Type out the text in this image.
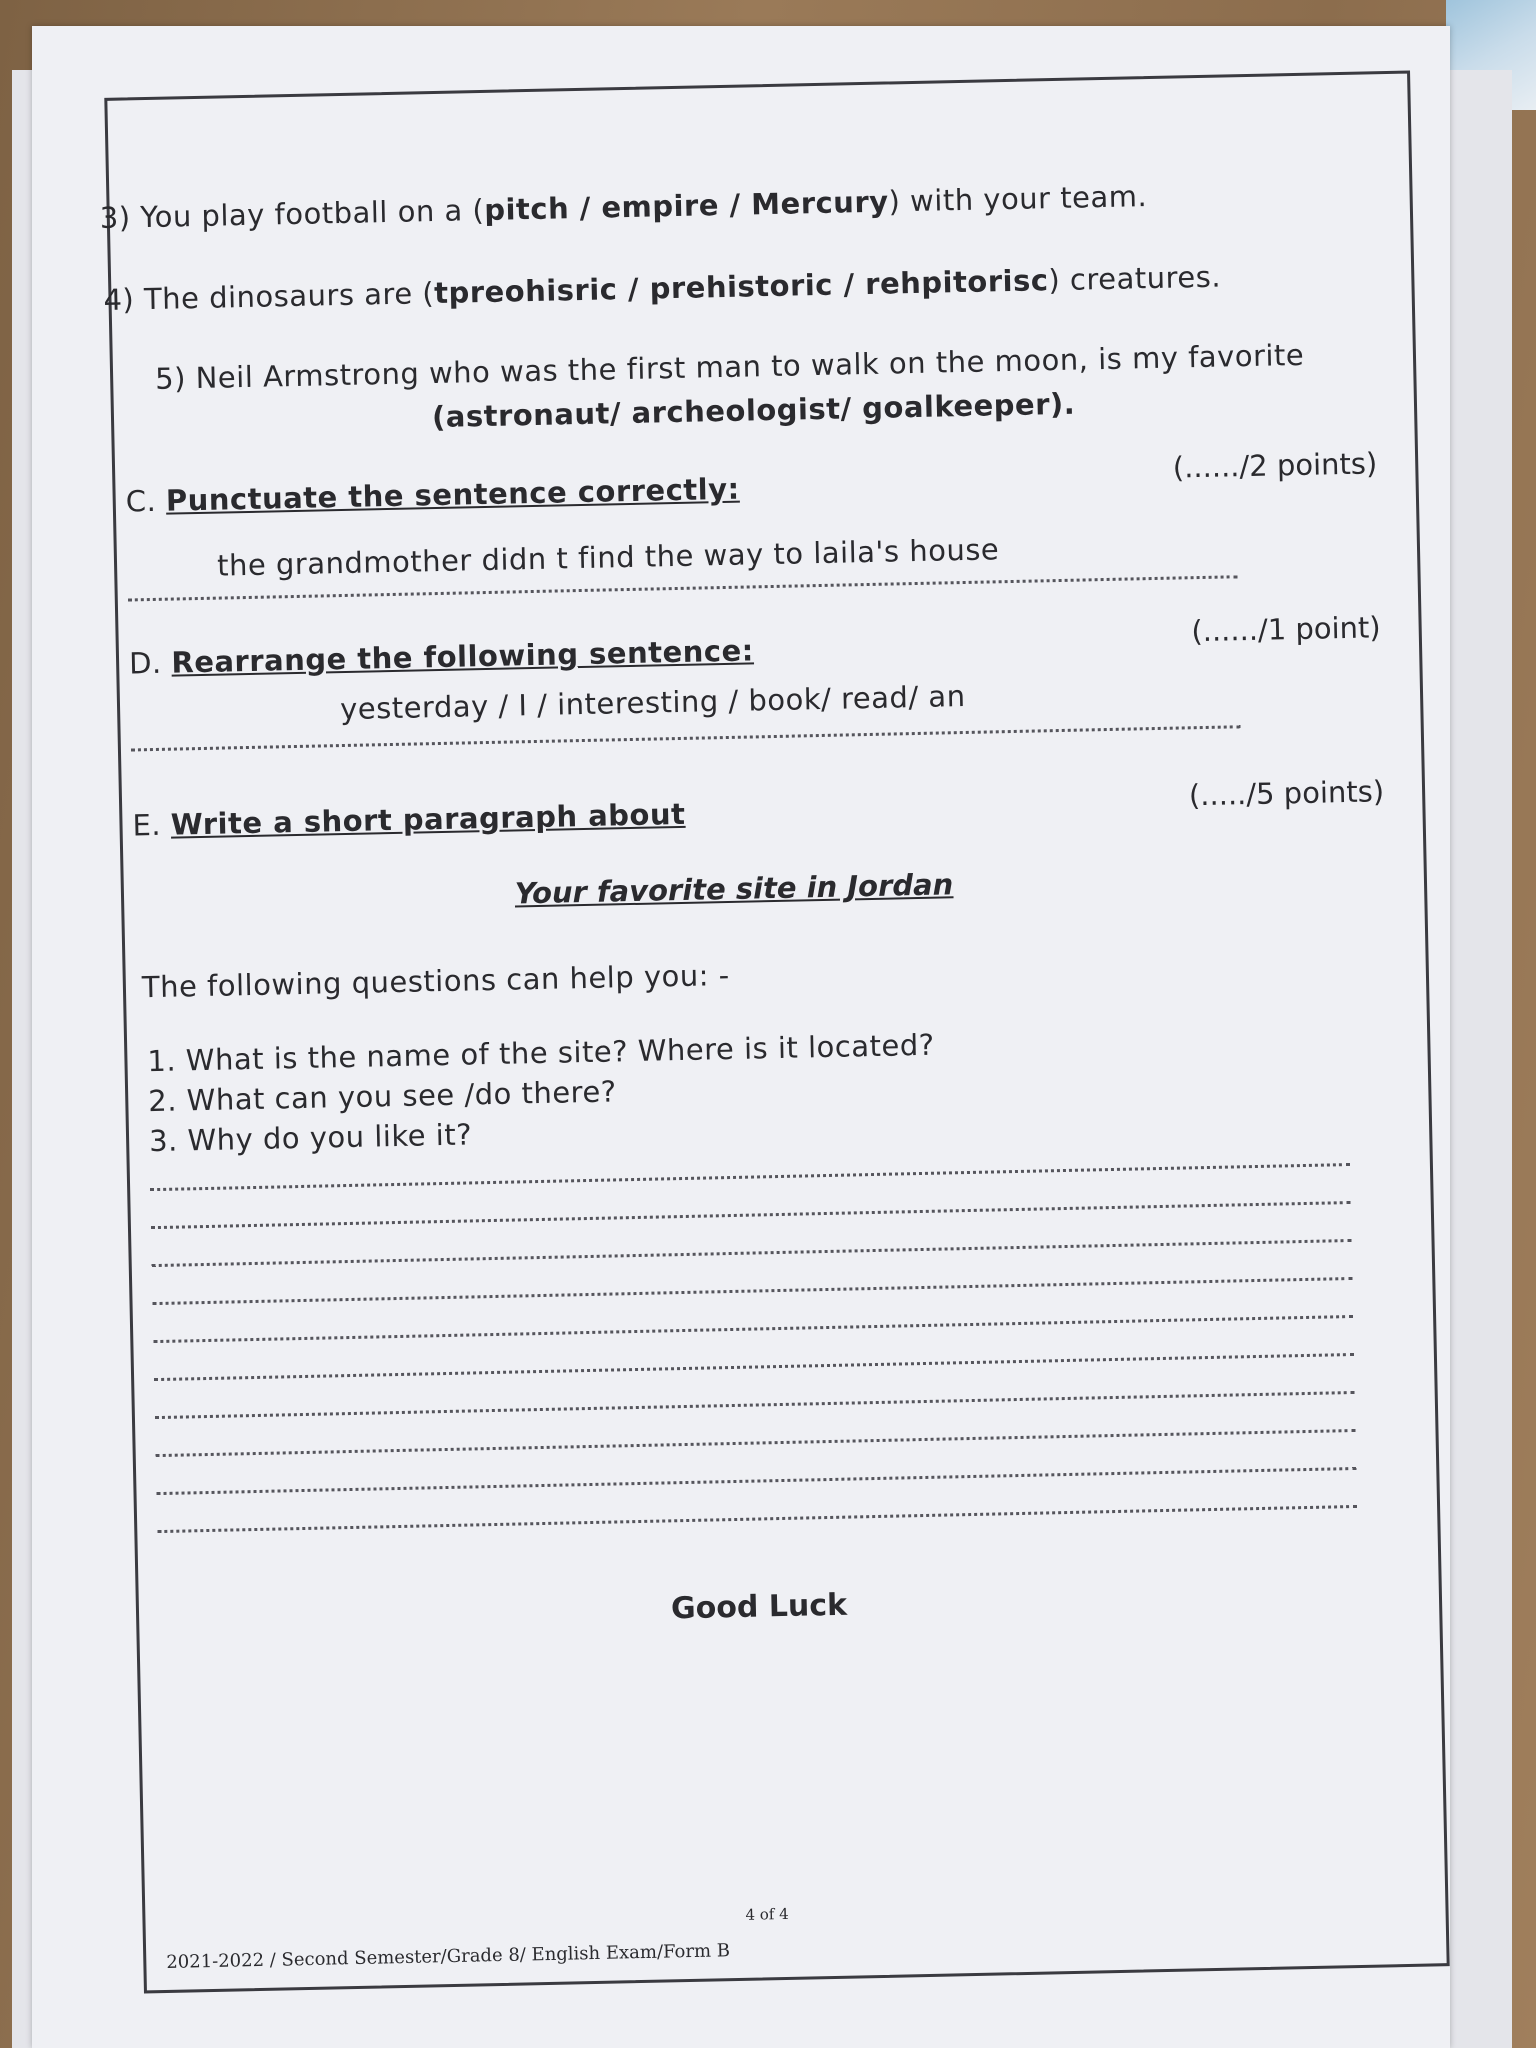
3) You play football on a (pitch / empire / Mercury) with your team.
4) The dinosaurs are (tpreohisric / prehistoric / rehpitorisc) creatures.
5) Neil Armstrong who was the first man to walk on the moon, is my favorite
(astronaut/ archeologist/ goalkeeper).
C. Punctuate the sentence correctly:
(....../2 points)
the grandmother didn t find the way to laila's house
D. Rearrange the following sentence:
(....../1 point)
yesterday / I / interesting / book/ read/ an
E. Write a short paragraph about
(...../5 points)
Your favorite site in Jordan
The following questions can help you: -
1. What is the name of the site? Where is it located?
2. What can you see /do there?
3. Why do you like it?
Good Luck
4 of 4
2021-2022 / Second Semester/Grade 8/ English Exam/Form B
